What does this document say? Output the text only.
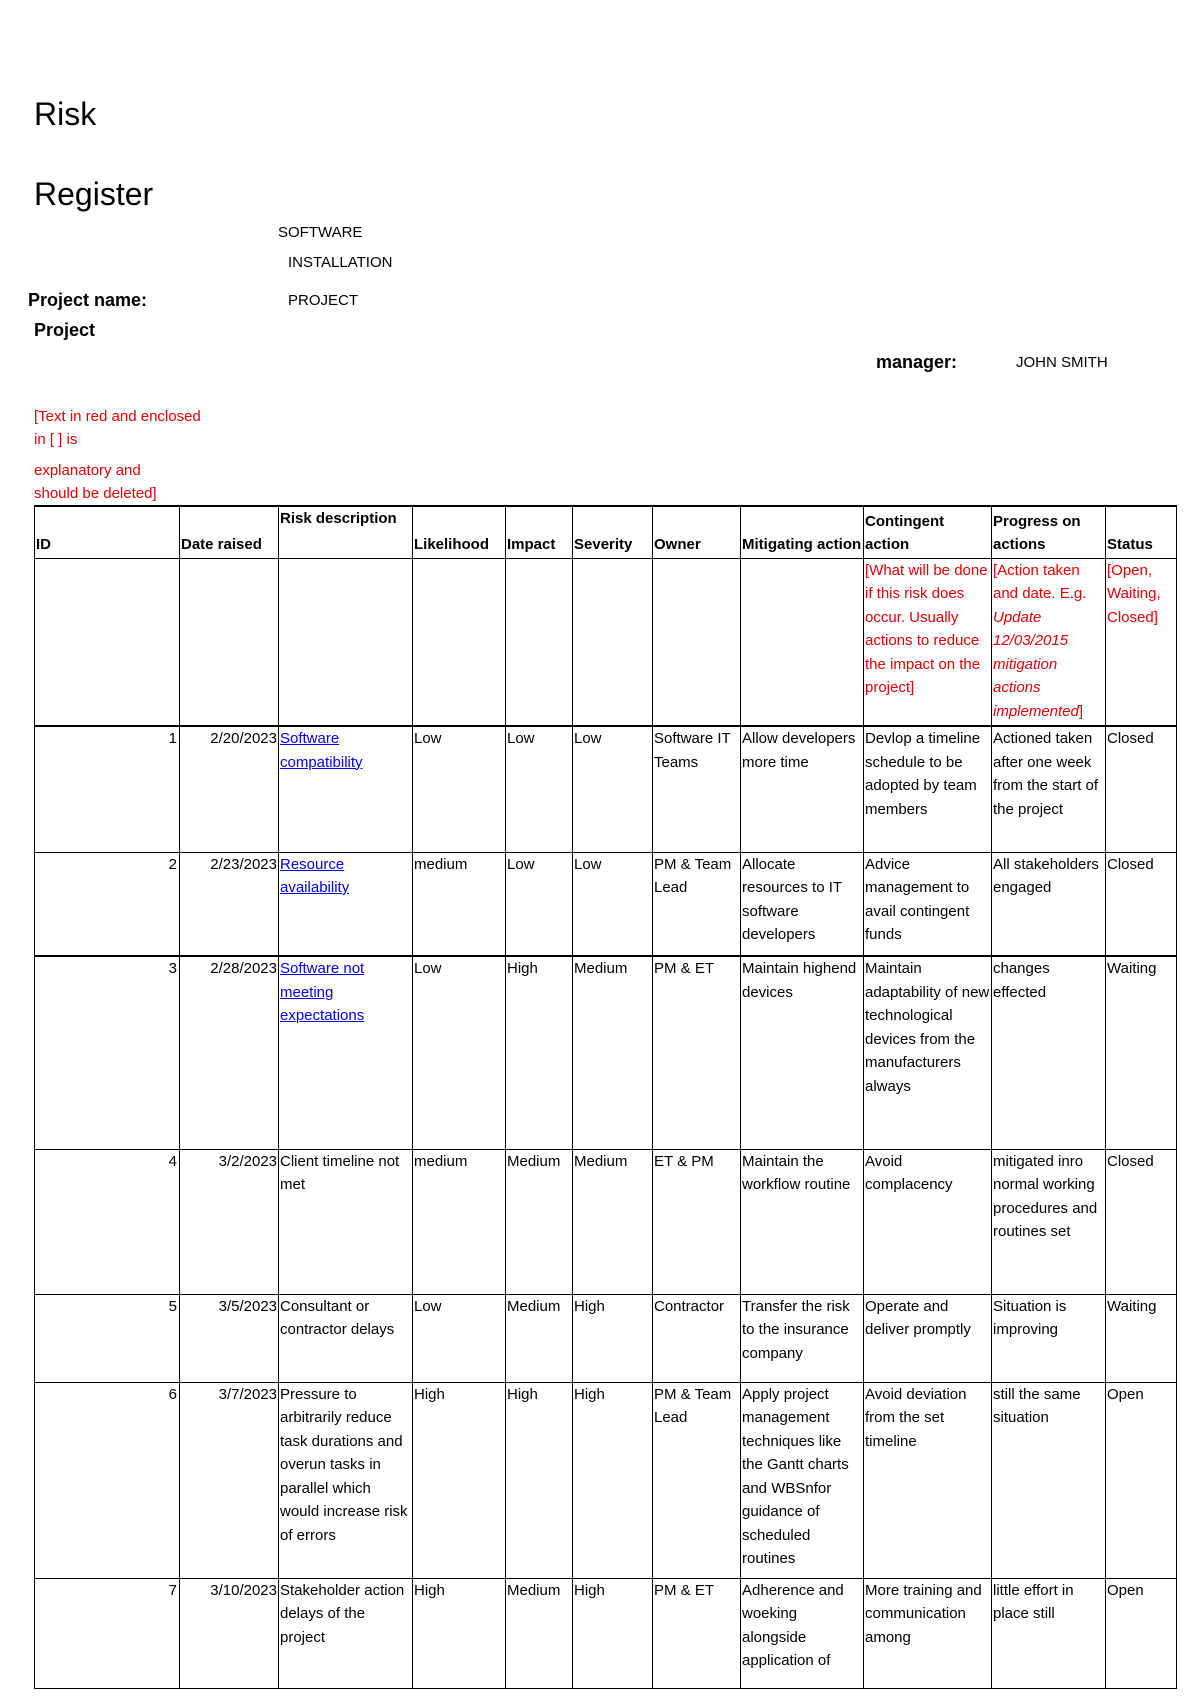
Risk
Register
SOFTWARE
INSTALLATION
Project name:	PROJECT
Project
manager:	JOHN SMITH
[Text in red and enclosed
in [ ] is
explanatory and
should be deleted]
ID	Date raised	Risk description	Likelihood	Impact	Severity	Owner	Mitigating action	Contingent action	Progress on actions	Status
								[What will be done if this risk does occur. Usually actions to reduce the impact on the project]	[Action taken and date. E.g. Update 12/03/2015 mitigation actions implemented]	[Open, Waiting, Closed]
1	2/20/2023	Software compatibility	Low	Low	Low	Software IT Teams	Allow developers more time	Devlop a timeline schedule to be adopted by team members	Actioned taken after one week from the start of the project	Closed
2	2/23/2023	Resource availability	medium	Low	Low	PM & Team Lead	Allocate resources to IT software developers	Advice management to avail contingent funds	All stakeholders engaged	Closed
3	2/28/2023	Software not meeting expectations	Low	High	Medium	PM & ET	Maintain highend devices	Maintain adaptability of new technological devices from the manufacturers always	changes effected	Waiting
4	3/2/2023	Client timeline not met	medium	Medium	Medium	ET & PM	Maintain the workflow routine	Avoid complacency	mitigated inro normal working procedures and routines set	Closed
5	3/5/2023	Consultant or contractor delays	Low	Medium	High	Contractor	Transfer the risk to the insurance company	Operate and deliver promptly	Situation is improving	Waiting
6	3/7/2023	Pressure to arbitrarily reduce task durations and overun tasks in parallel which would increase risk of errors	High	High	High	PM & Team Lead	Apply project management techniques like the Gantt charts and WBSnfor guidance of scheduled routines	Avoid deviation from the set timeline	still the same situation	Open
7	3/10/2023	Stakeholder action delays of the project	High	Medium	High	PM & ET	Adherence and woeking alongside application of	More training and communication among	little effort in place still	Open
